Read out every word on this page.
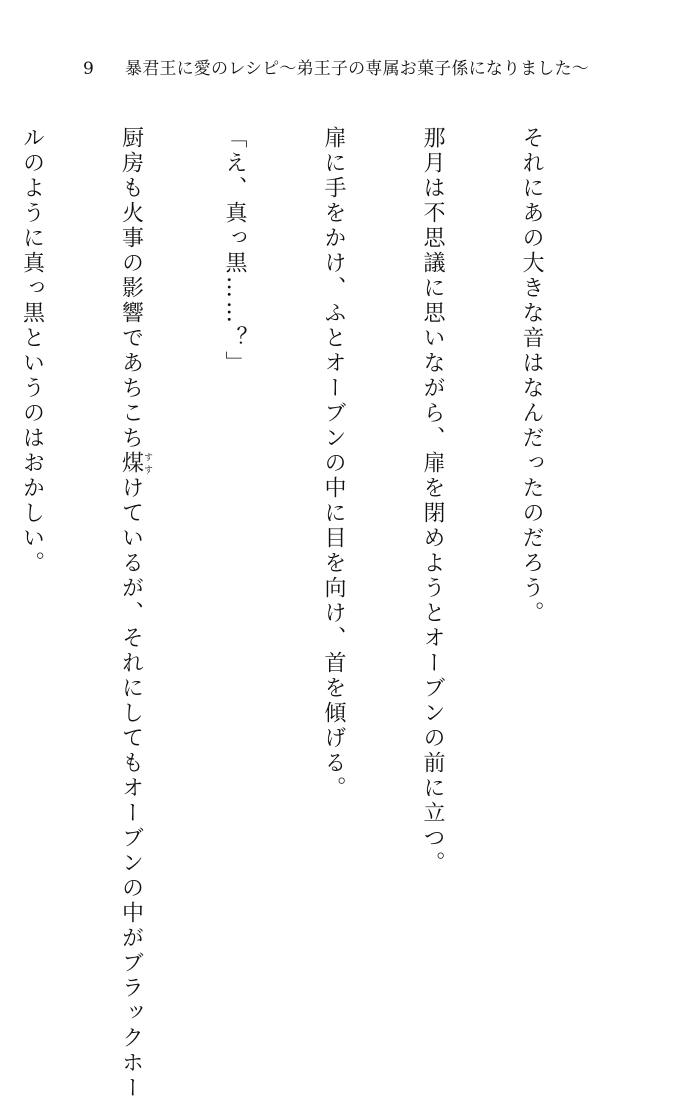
9 暴君王に愛のレシピ〜弟王子の専属お菓子係になりました〜

それにあの大きな音はなんだったのだろう。

那月は不思議に思いながら、扉を閉めようとオーブンの前に立つ。

扉に手をかけ、ふとオーブンの中に目を向け、首を傾げる。

「え、真っ黒……？」

厨房も火事の影響であちこち煤すすけているが、それにしてもオーブンの中がブラックホー

ルのように真っ黒というのはおかしい。
